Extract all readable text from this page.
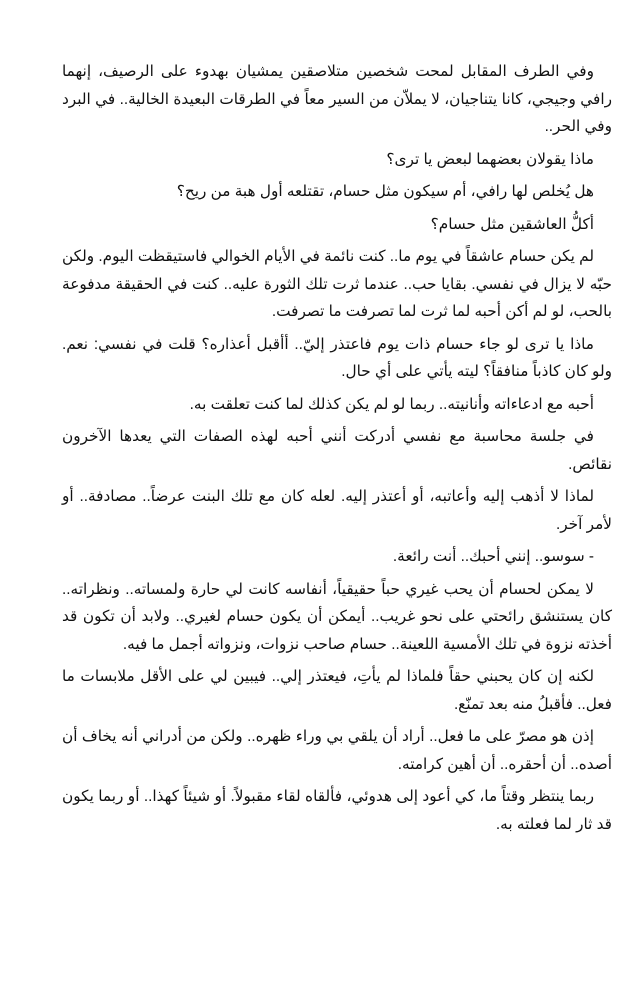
وفي الطرف المقابل لمحت شخصين متلاصقين يمشيان بهدوء على الرصيف، إنهما رافي وجيجي، كانا يتناجيان، لا يملاّن من السير معاً في الطرقات البعيدة الخالية.. في البرد وفي الحر..

ماذا يقولان بعضهما لبعض يا ترى؟

هل يُخلص لها رافي، أم سيكون مثل حسام، تقتلعه أول هبة من ريح؟

أكلُّ العاشقين مثل حسام؟

لم يكن حسام عاشقاً في يوم ما.. كنت نائمة في الأيام الخوالي فاستيقظت اليوم. ولكن حبّه لا يزال في نفسي. بقايا حب.. عندما ثرت تلك الثورة عليه.. كنت في الحقيقة مدفوعة بالحب، لو لم أكن أحبه لما ثرت لما تصرفت ما تصرفت.

ماذا يا ترى لو جاء حسام ذات يوم فاعتذر إليّ.. أأقبل أعذاره؟ قلت في نفسي: نعم. ولو كان كاذباً منافقاً؟ ليته يأتي على أي حال.

أحبه مع ادعاءاته وأنانيته.. ربما لو لم يكن كذلك لما كنت تعلقت به.

في جلسة محاسبة مع نفسي أدركت أنني أحبه لهذه الصفات التي يعدها الآخرون نقائص.

لماذا لا أذهب إليه وأعاتبه، أو أعتذر إليه. لعله كان مع تلك البنت عرضاً.. مصادفة.. أو لأمر آخر.

- سوسو.. إنني أحبك.. أنت رائعة.

لا يمكن لحسام أن يحب غيري حباً حقيقياً، أنفاسه كانت لي حارة ولمساته.. ونظراته.. كان يستنشق رائحتي على نحو غريب.. أيمكن أن يكون حسام لغيري.. ولابد أن تكون قد أخذته نزوة في تلك الأمسية اللعينة.. حسام صاحب نزوات، ونزواته أجمل ما فيه.

لكنه إن كان يحبني حقاً فلماذا لم يأتِ، فيعتذر إلي.. فيبين لي على الأقل ملابسات ما فعل.. فأقبلُ منه بعد تمنّع.

إذن هو مصرّ على ما فعل.. أراد أن يلقي بي وراء ظهره.. ولكن من أدراني أنه يخاف أن أصده.. أن أحقره.. أن أهين كرامته.

ربما ينتظر وقتاً ما، كي أعود إلى هدوئي، فألقاه لقاء مقبولاً. أو شيئاً كهذا.. أو ربما يكون قد ثار لما فعلته به.
